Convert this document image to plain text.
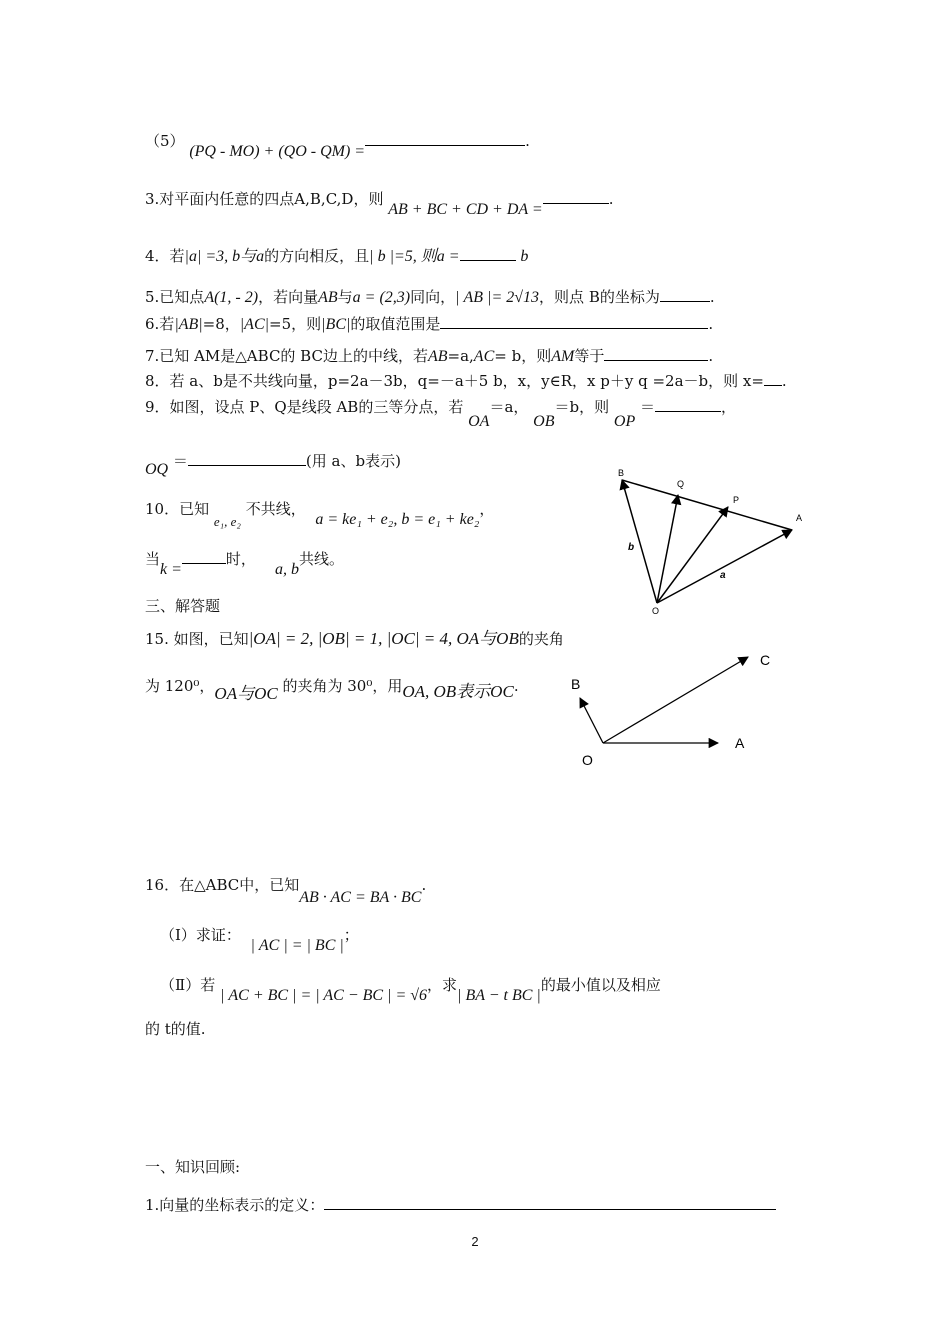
（5） (PQ - MO) + (QO - QM) =.
3.对平面内任意的四点A,B,C,D，则 AB + BC + CD + DA =.
4．若|a| =3, b与a的方向相反，且| b |=5, 则a =	b
5.已知点A(1, - 2)，若向量AB与a = (2,3)同向，| AB |= 2√13，则点 B的坐标为	.
6.若|AB|=8，|AC|=5，则|BC|的取值范围是	.
7.已知 AM是△ABC的 BC边上的中线，若AB=a,AC= b，则AM等于	.
8．若 a、b是不共线向量，p=2a－3b，q=－a＋5 b，x，y∈R，x p＋y q =2a－b，则 x= .
9．如图，设点 P、Q是线段 AB的三等分点，若 OA＝a， OB＝b，则 OP ＝	，
OQ ＝	(用 a、b表示)
10．已知 e₁, e₂ 不共线，  a = ke₁ + e₂, b = e₁ + ke₂，
当k =时，    a, b共线。
三、解答题
15. 如图，已知|OA| = 2, |OB| = 1, |OC| = 4, OA与OB的夹角
为 120⁰，OA与OC 的夹角为 30⁰，用OA, OB表示OC.
16．在△ABC中，已知AB · AC = BA · BC.
（Ⅰ）求证：  | AC | = | BC |；
（Ⅱ）若 | AC + BC | = | AC − BC | = √6，求| BA − t BC |的最小值以及相应
的 t的值.
一、知识回顾:
1.向量的坐标表示的定义：
B
Q
P
A
O
b
a
C
B
A
O
2
